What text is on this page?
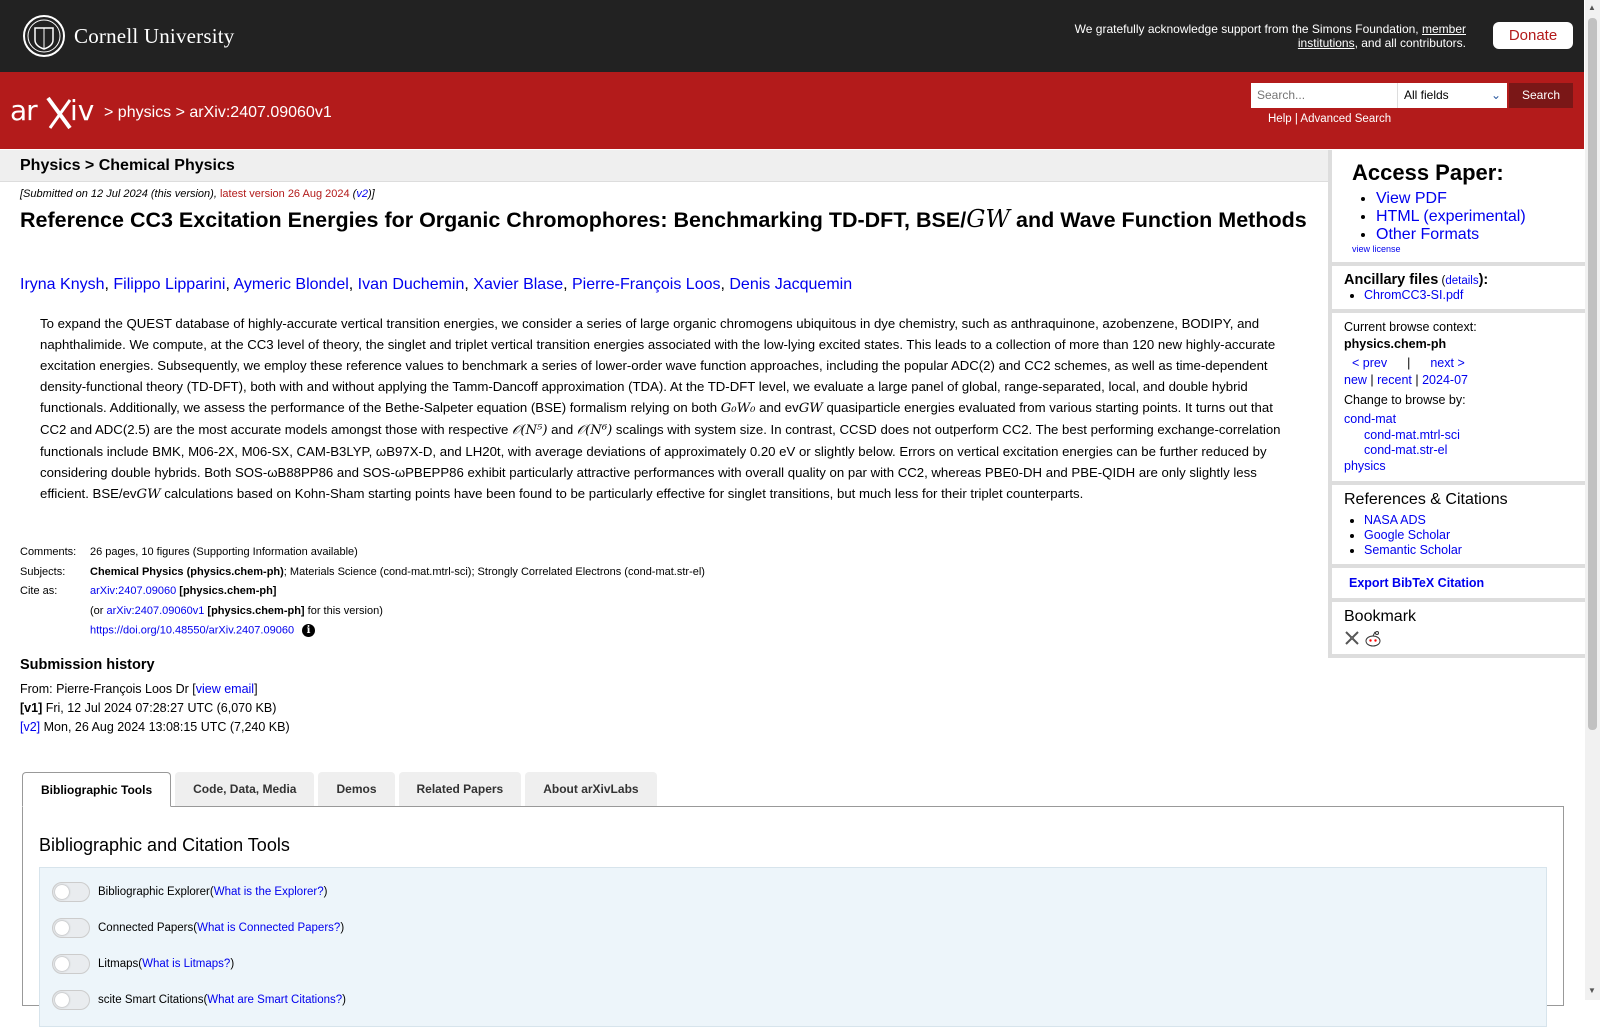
Cornell University	We gratefully acknowledge support from the Simons Foundation, member institutions, and all contributors.	Donate
ar iv > physics > arXiv:2407.09060v1
Search...
All fields	⌄	Search
Help | Advanced Search
Physics > Chemical Physics
[Submitted on 12 Jul 2024 (this version), latest version 26 Aug 2024 (v2)]
Reference CC3 Excitation Energies for Organic Chromophores: Benchmarking TD-DFT, BSE/GW and Wave Function Methods
Iryna Knysh, Filippo Lipparini, Aymeric Blondel, Ivan Duchemin, Xavier Blase, Pierre-François Loos, Denis Jacquemin
To expand the QUEST database of highly-accurate vertical transition energies, we consider a series of large organic chromogens ubiquitous in dye chemistry, such as anthraquinone, azobenzene, BODIPY, and naphthalimide. We compute, at the CC3 level of theory, the singlet and triplet vertical transition energies associated with the low-lying excited states. This leads to a collection of more than 120 new highly-accurate excitation energies. Subsequently, we employ these reference values to benchmark a series of lower-order wave function approaches, including the popular ADC(2) and CC2 schemes, as well as time-dependent density-functional theory (TD-DFT), both with and without applying the Tamm-Dancoff approximation (TDA). At the TD-DFT level, we evaluate a large panel of global, range-separated, local, and double hybrid functionals. Additionally, we assess the performance of the Bethe-Salpeter equation (BSE) formalism relying on both G₀W₀ and evGW quasiparticle energies evaluated from various starting points. It turns out that CC2 and ADC(2.5) are the most accurate models amongst those with respective 𝒪(N⁵) and 𝒪(N⁶) scalings with system size. In contrast, CCSD does not outperform CC2. The best performing exchange-correlation functionals include BMK, M06-2X, M06-SX, CAM-B3LYP, ωB97X-D, and LH20t, with average deviations of approximately 0.20 eV or slightly below. Errors on vertical excitation energies can be further reduced by considering double hybrids. Both SOS-ωB88PP86 and SOS-ωPBEPP86 exhibit particularly attractive performances with overall quality on par with CC2, whereas PBE0-DH and PBE-QIDH are only slightly less efficient. BSE/evGW calculations based on Kohn-Sham starting points have been found to be particularly effective for singlet transitions, but much less for their triplet counterparts.
Comments:	26 pages, 10 figures (Supporting Information available)
Subjects:	Chemical Physics (physics.chem-ph); Materials Science (cond-mat.mtrl-sci); Strongly Correlated Electrons (cond-mat.str-el)
Cite as:	arXiv:2407.09060 [physics.chem-ph]
(or arXiv:2407.09060v1 [physics.chem-ph] for this version)
https://doi.org/10.48550/arXiv.2407.09060 i
Submission history
From: Pierre-François Loos Dr [view email]
[v1] Fri, 12 Jul 2024 07:28:27 UTC (6,070 KB)
[v2] Mon, 26 Aug 2024 13:08:15 UTC (7,240 KB)
Access Paper:
• View PDF
• HTML (experimental)
• Other Formats
view license
Ancillary files (details):
• ChromCC3-SI.pdf
Current browse context:
physics.chem-ph
< prev | next >
new | recent | 2024-07
Change to browse by:
cond-mat
cond-mat.mtrl-sci
cond-mat.str-el
physics
References & Citations
• NASA ADS
• Google Scholar
• Semantic Scholar
Export BibTeX Citation
Bookmark
Bibliographic Tools	Code, Data, Media	Demos	Related Papers	About arXivLabs
Bibliographic and Citation Tools
Bibliographic Explorer ( What is the Explorer? )
Connected Papers ( What is Connected Papers? )
Litmaps ( What is Litmaps? )
scite Smart Citations ( What are Smart Citations? )
▲
▼
